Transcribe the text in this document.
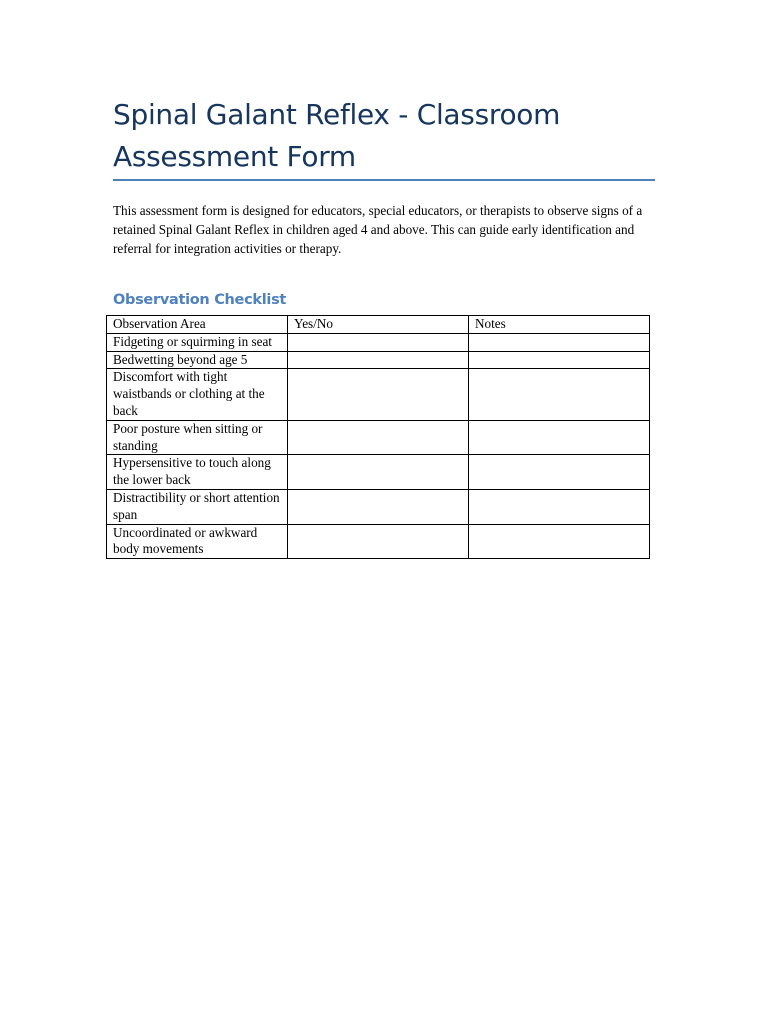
Spinal Galant Reflex - Classroom Assessment Form

This assessment form is designed for educators, special educators, or therapists to observe signs of a retained Spinal Galant Reflex in children aged 4 and above. This can guide early identification and referral for integration activities or therapy.

Observation Checklist
Observation Area	Yes/No	Notes
Fidgeting or squirming in seat		
Bedwetting beyond age 5		
Discomfort with tight waistbands or clothing at the back		
Poor posture when sitting or standing		
Hypersensitive to touch along the lower back		
Distractibility or short attention span		
Uncoordinated or awkward body movements		
